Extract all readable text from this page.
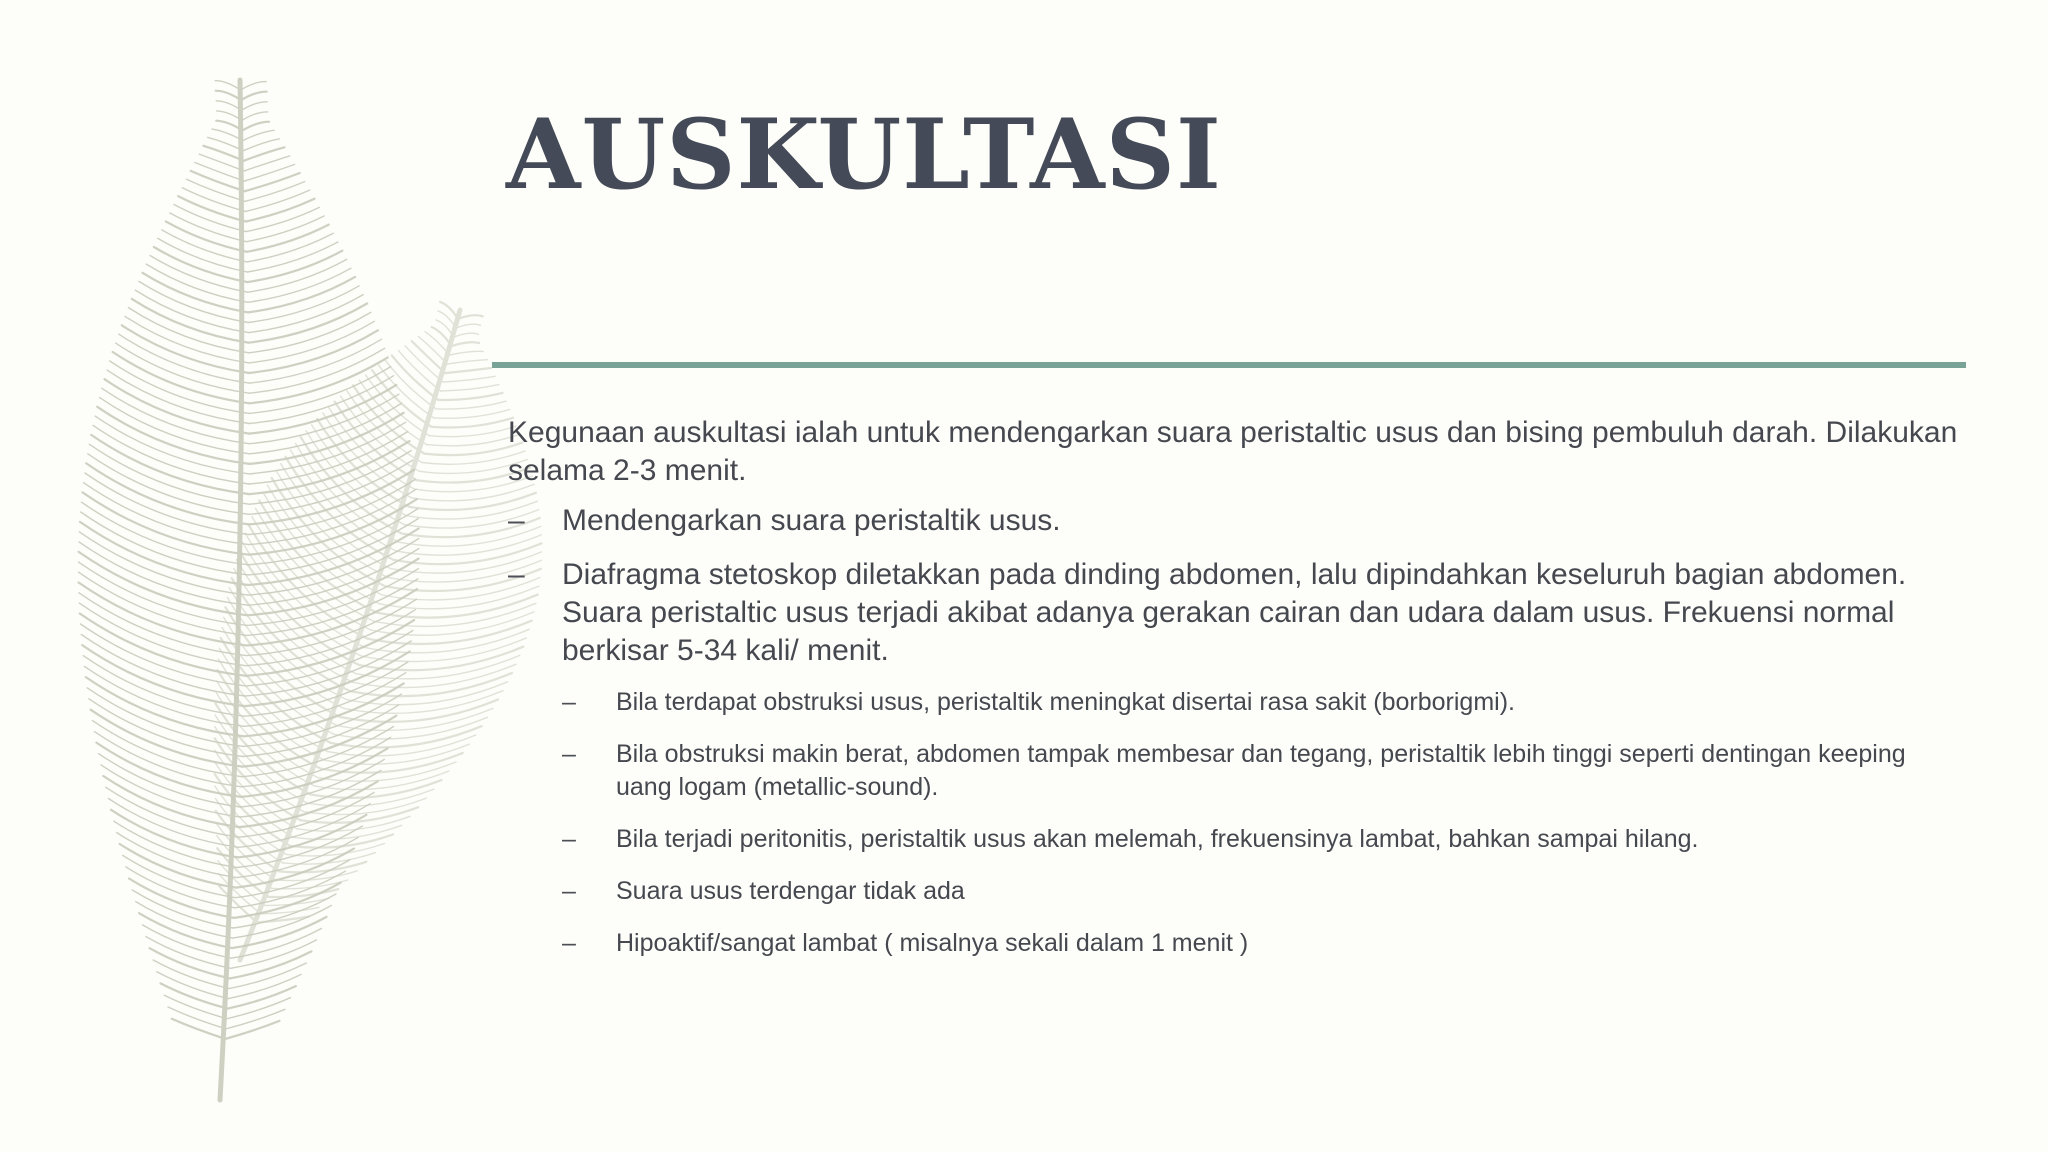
AUSKULTASI

Kegunaan auskultasi ialah untuk mendengarkan suara peristaltic usus dan bising pembuluh darah. Dilakukan selama 2-3 menit.

– Mendengarkan suara peristaltik usus.
– Diafragma stetoskop diletakkan pada dinding abdomen, lalu dipindahkan keseluruh bagian abdomen. Suara peristaltic usus terjadi akibat adanya gerakan cairan dan udara dalam usus. Frekuensi normal berkisar 5-34 kali/ menit.
– Bila terdapat obstruksi usus, peristaltik meningkat disertai rasa sakit (borborigmi).
– Bila obstruksi makin berat, abdomen tampak membesar dan tegang, peristaltik lebih tinggi seperti dentingan keeping uang logam (metallic-sound).
– Bila terjadi peritonitis, peristaltik usus akan melemah, frekuensinya lambat, bahkan sampai hilang.
– Suara usus terdengar tidak ada
– Hipoaktif/sangat lambat ( misalnya sekali dalam 1 menit )
